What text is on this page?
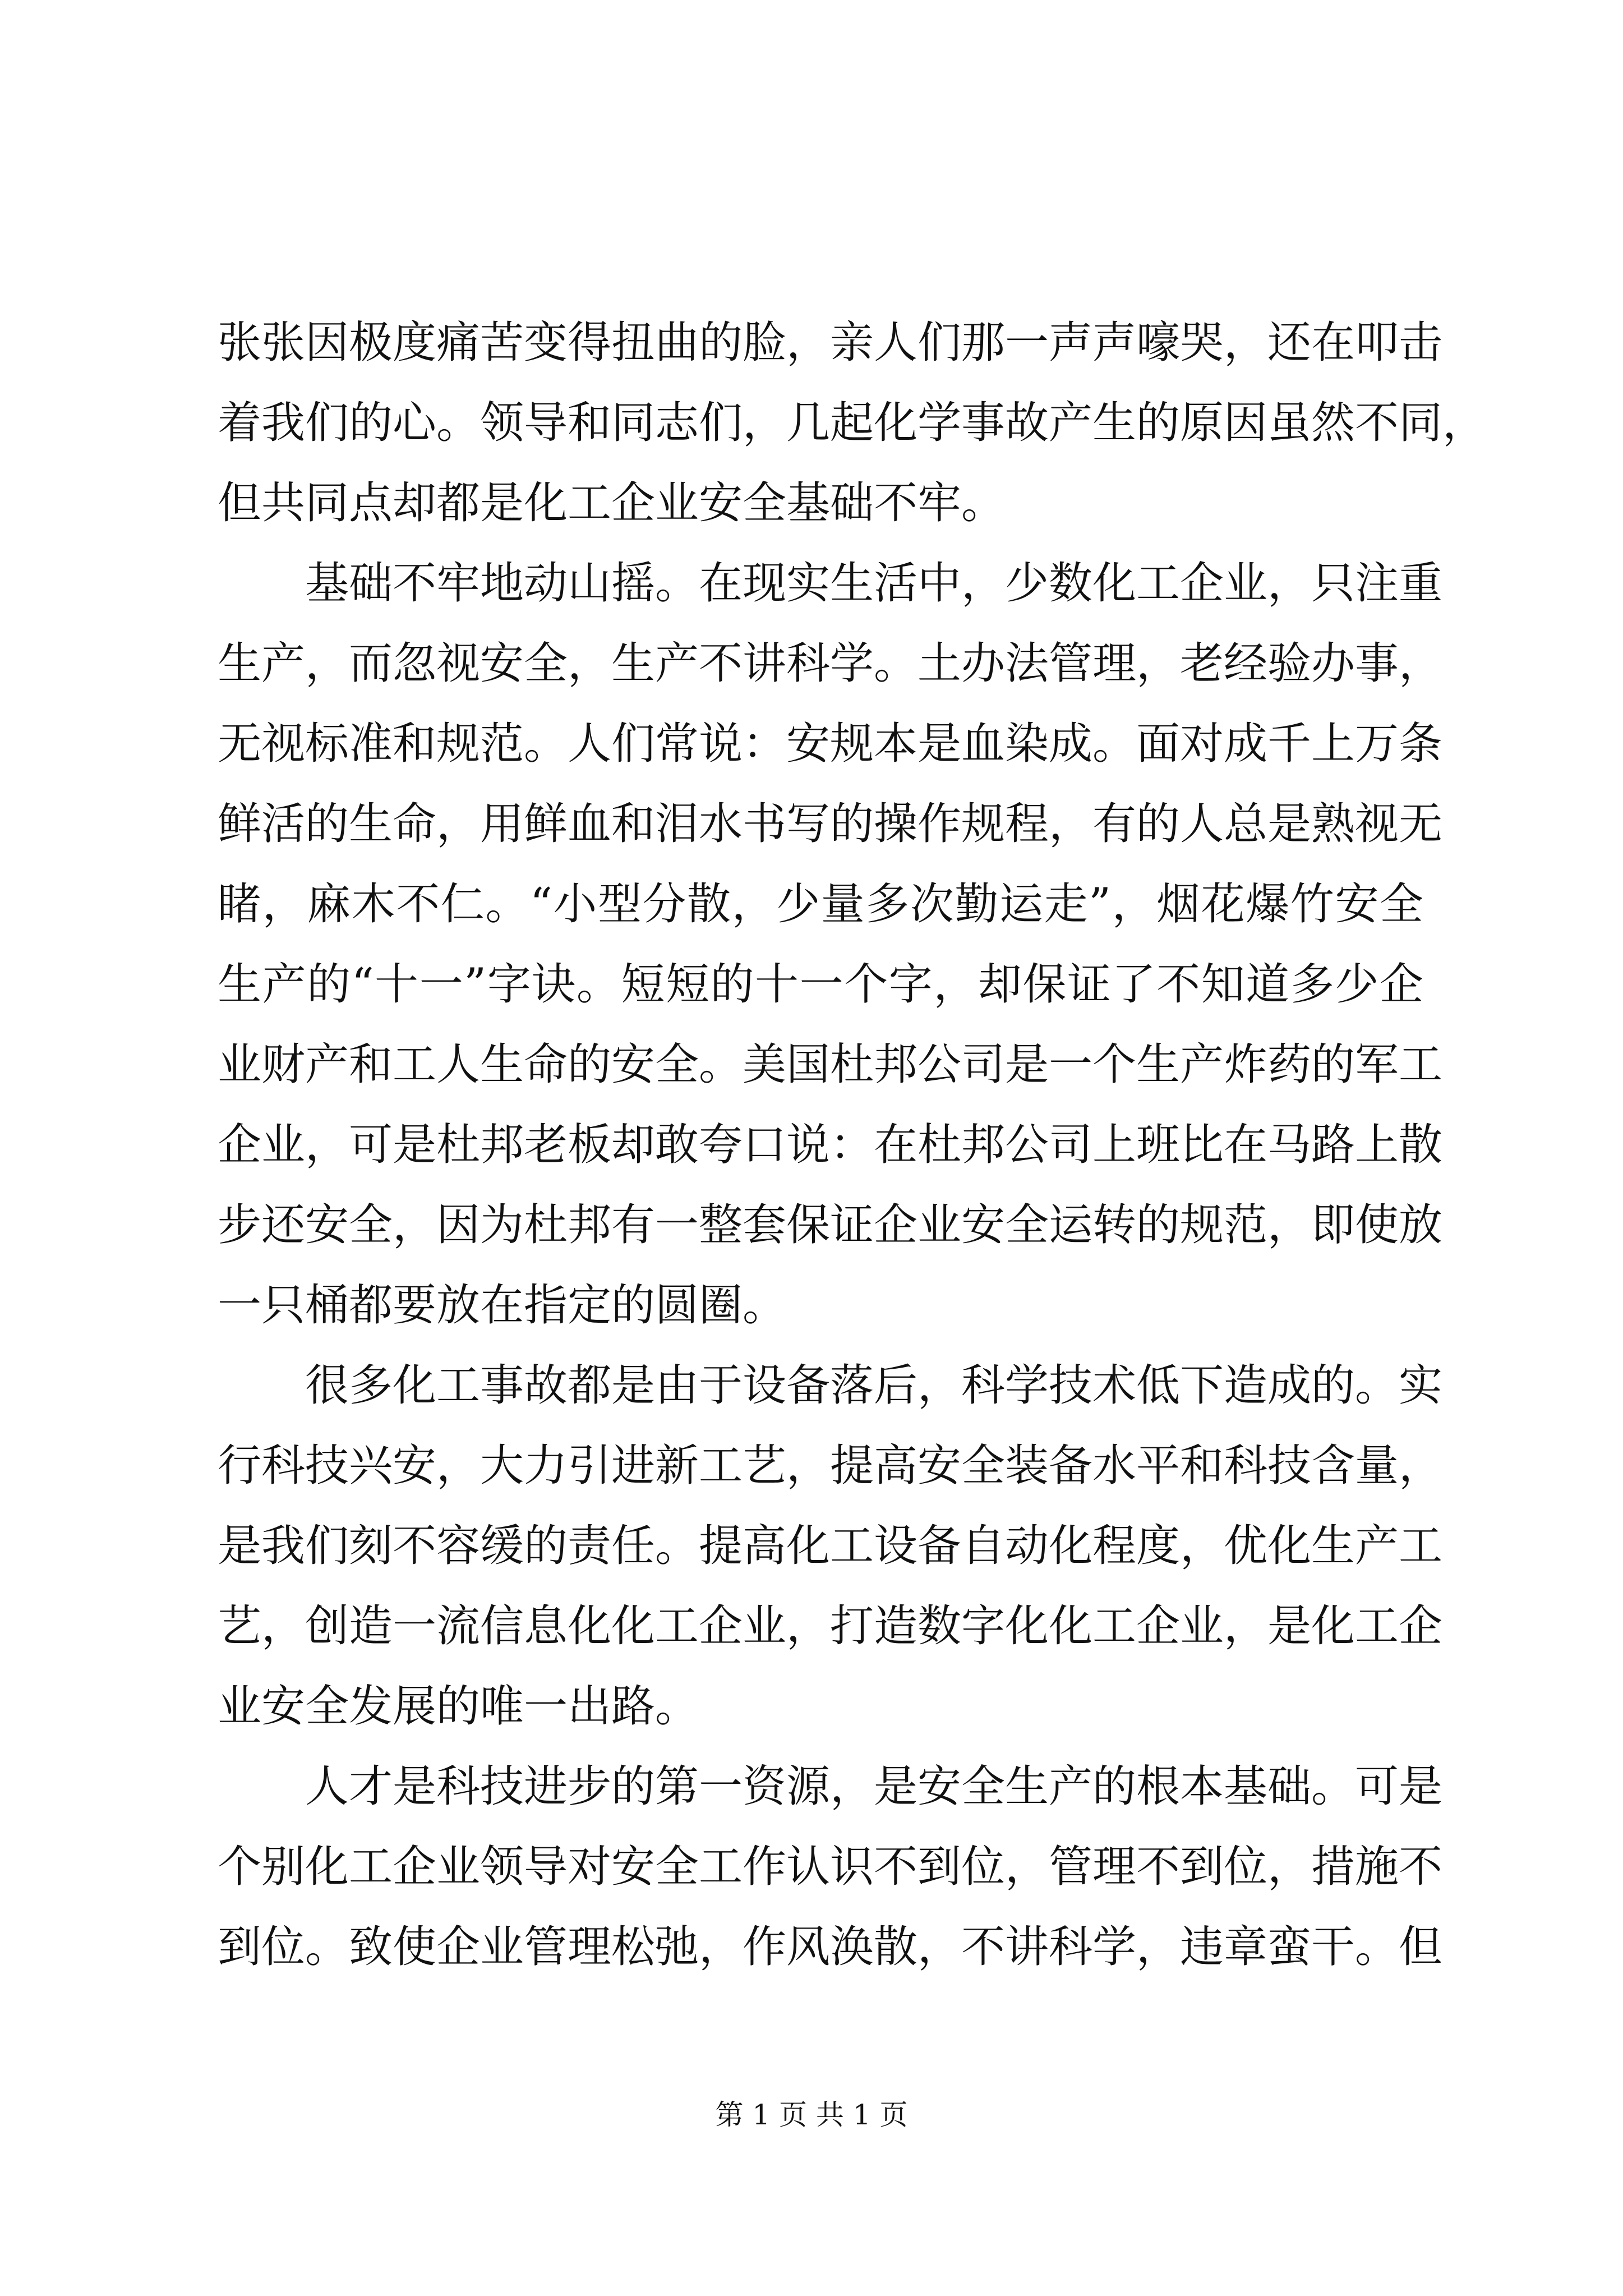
张张因极度痛苦变得扭曲的脸，亲人们那一声声嚎哭，还在叩击
着我们的心。领导和同志们，几起化学事故产生的原因虽然不同，
但共同点却都是化工企业安全基础不牢。
　　基础不牢地动山摇。在现实生活中，少数化工企业，只注重
生产，而忽视安全，生产不讲科学。土办法管理，老经验办事，
无视标准和规范。人们常说：安规本是血染成。面对成千上万条
鲜活的生命，用鲜血和泪水书写的操作规程，有的人总是熟视无
睹，麻木不仁。“小型分散，少量多次勤运走”，烟花爆竹安全
生产的“十一”字诀。短短的十一个字，却保证了不知道多少企
业财产和工人生命的安全。美国杜邦公司是一个生产炸药的军工
企业，可是杜邦老板却敢夸口说：在杜邦公司上班比在马路上散
步还安全，因为杜邦有一整套保证企业安全运转的规范，即使放
一只桶都要放在指定的圆圈。
　　很多化工事故都是由于设备落后，科学技术低下造成的。实
行科技兴安，大力引进新工艺，提高安全装备水平和科技含量，
是我们刻不容缓的责任。提高化工设备自动化程度，优化生产工
艺，创造一流信息化化工企业，打造数字化化工企业，是化工企
业安全发展的唯一出路。
　　人才是科技进步的第一资源，是安全生产的根本基础。可是
个别化工企业领导对安全工作认识不到位，管理不到位，措施不
到位。致使企业管理松弛，作风涣散，不讲科学，违章蛮干。但
第 1 页 共 1 页
